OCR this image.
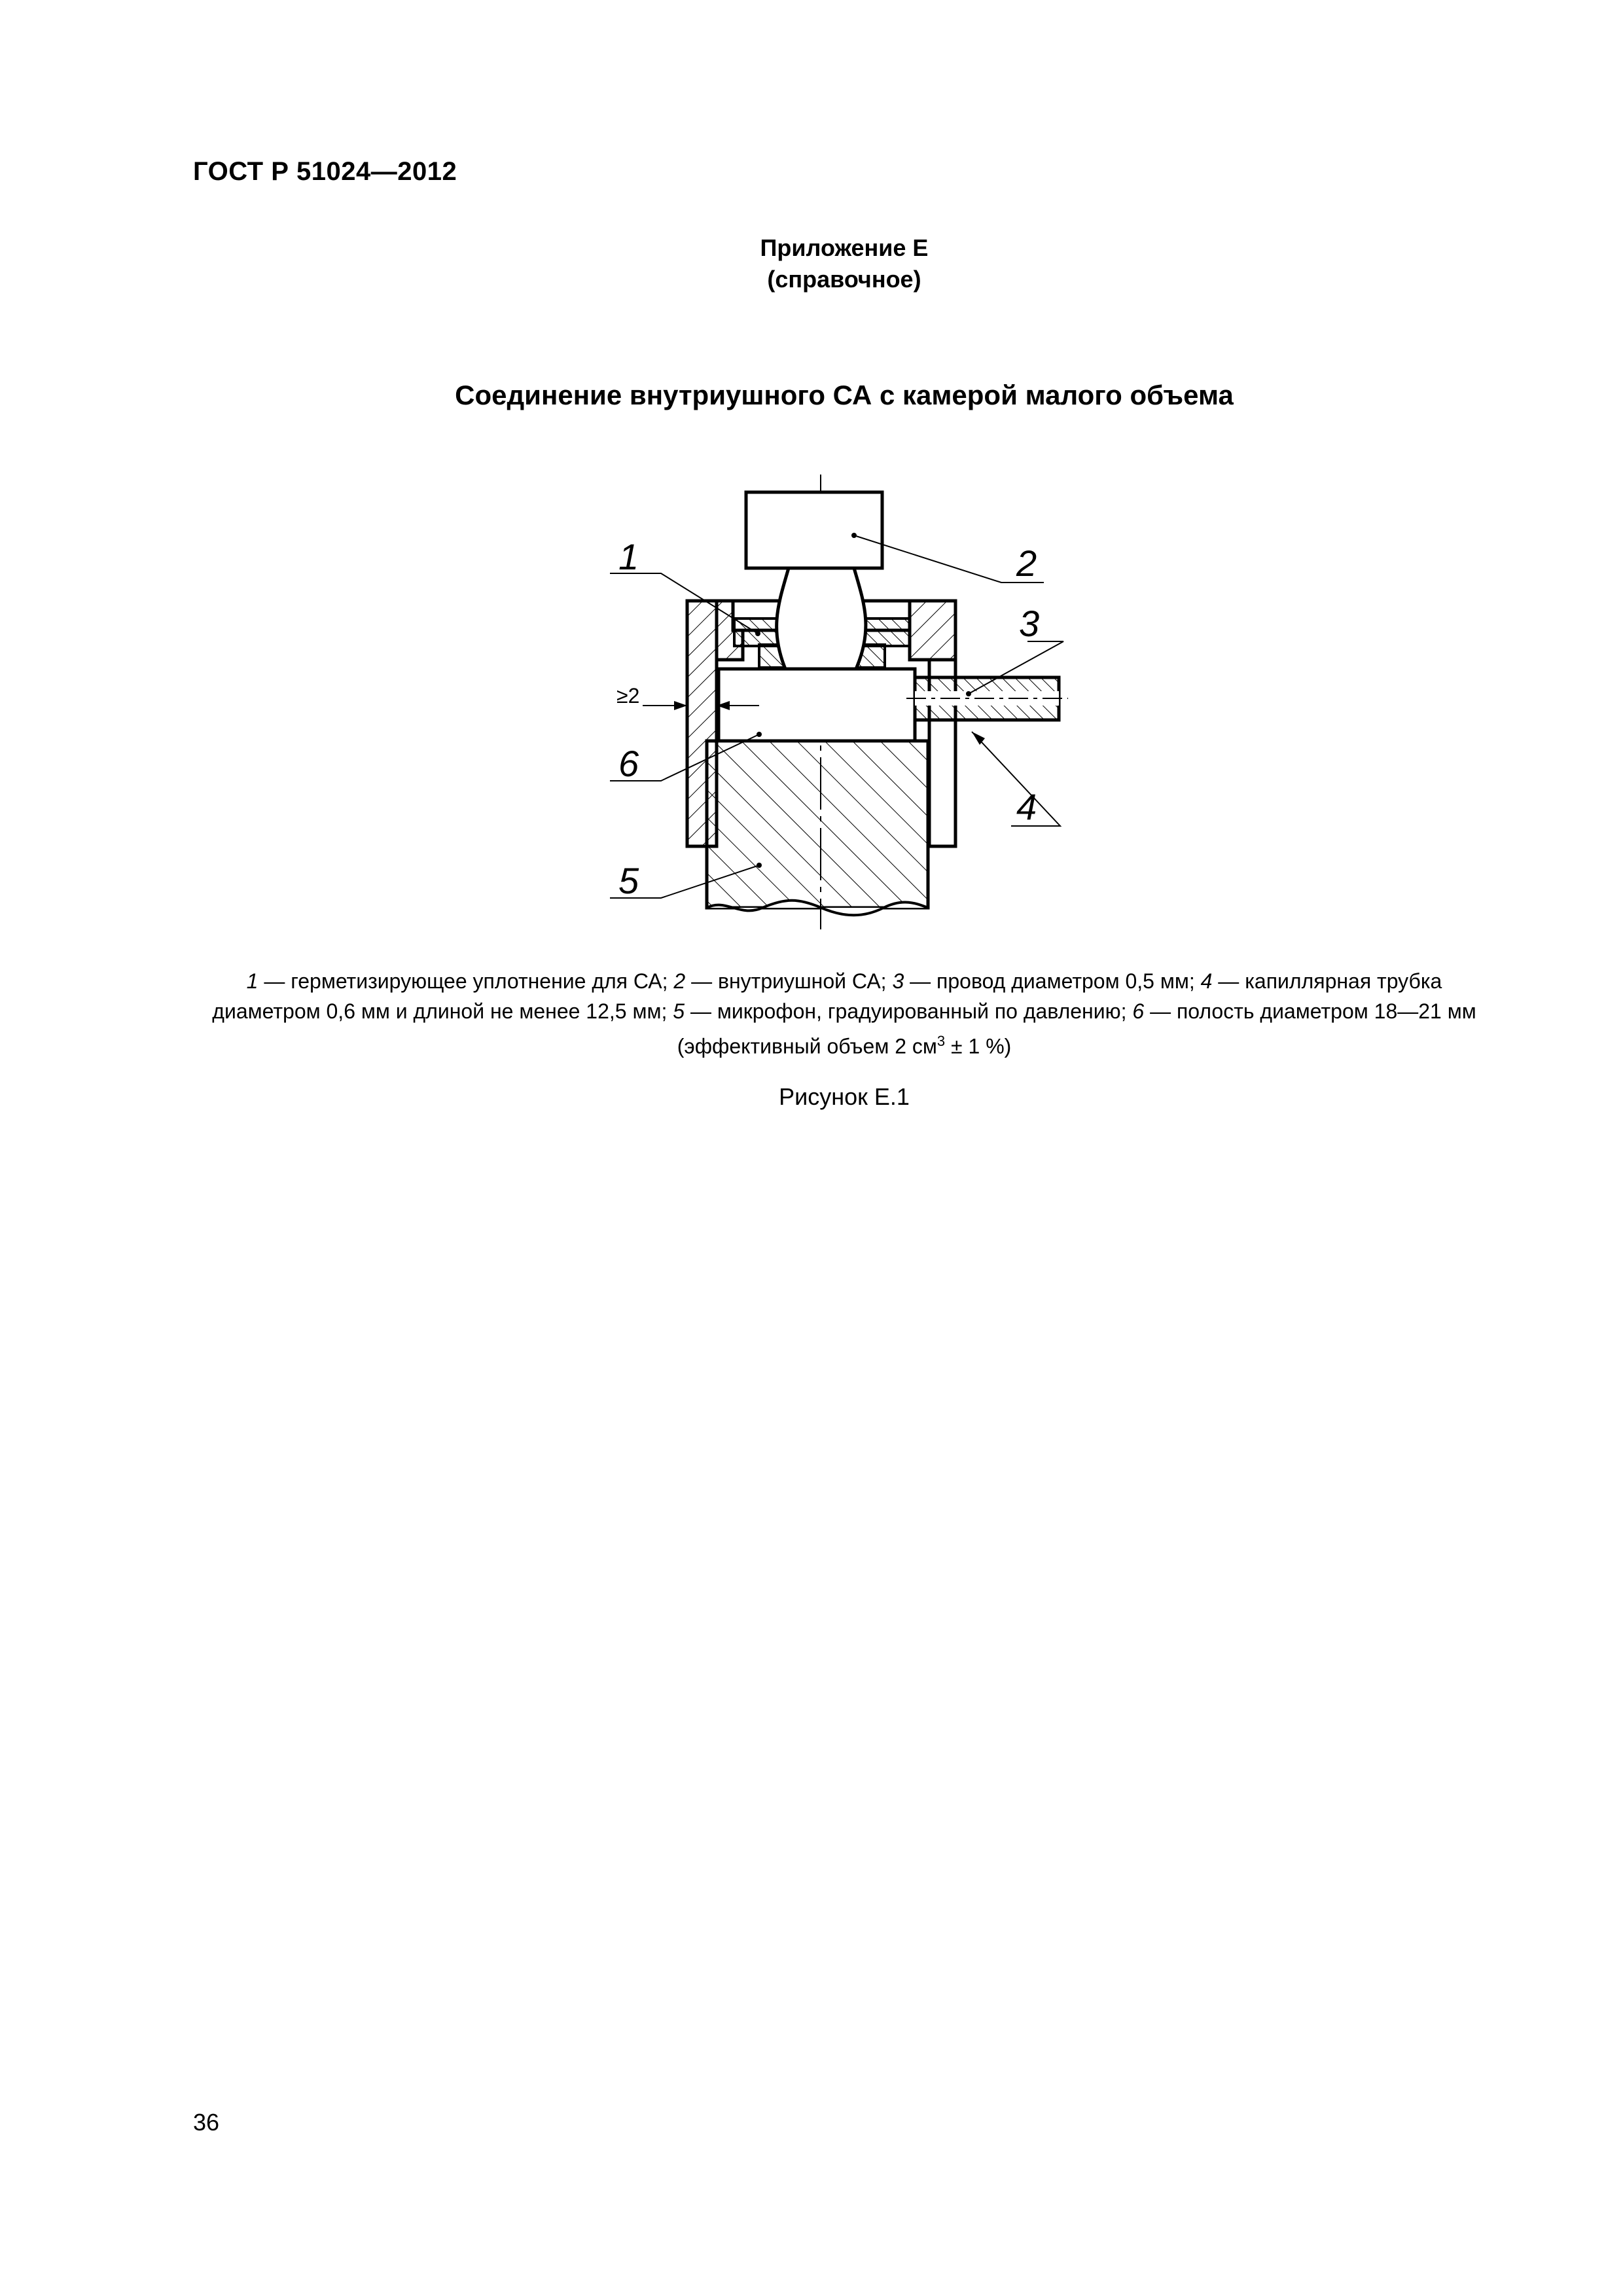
ГОСТ Р 51024—2012
Приложение Е
(справочное)
Соединение внутриушного СА с камерой малого объема
≥2
1	2
3
4
5
6
1 — герметизирующее уплотнение для СА; 2 — внутриушной СА; 3 — провод диаметром 0,5 мм; 4 — капиллярная трубка диаметром 0,6 мм и длиной не менее 12,5 мм; 5 — микрофон, градуированный по давлению; 6 — полость диаметром 18—21 мм (эффективный объем 2 $см^3 \pm 1$ %)
Рисунок Е.1
36
